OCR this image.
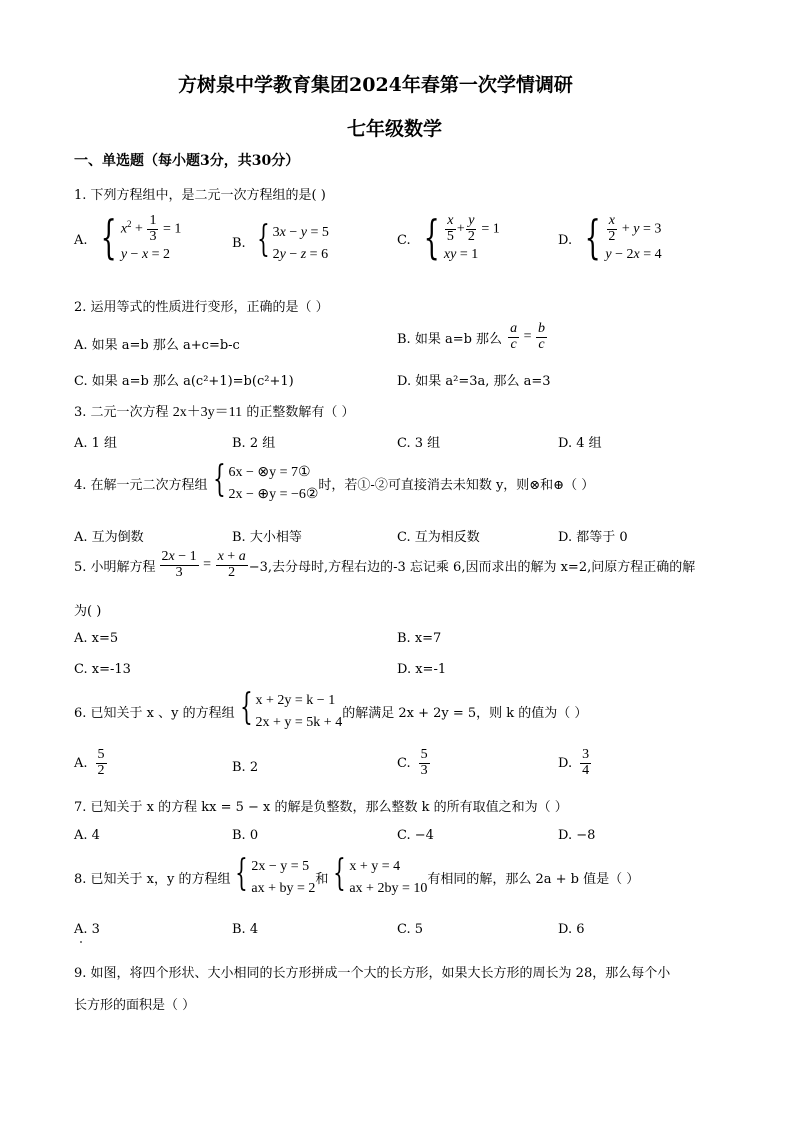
方树泉中学教育集团2024年春第一次学情调研
七年级数学
一、单选题（每小题3分，共30分）
1. 下列方程组中，是二元一次方程组的是( )
A. { $x^2 + \frac{1}{3} = 1$
y − x = 2
B. { 3x − y = 5
2y − z = 6
C. { $\frac{x}{5} + \frac{y}{2} = 1$
xy = 1
D. { $\frac{x}{2} + y = 3$
y − 2x = 4
2. 运用等式的性质进行变形，正确的是（ ）
A. 如果 a=b 那么 a+c=b-c	B. 如果 a=b 那么 $\frac{a}{c} = \frac{b}{c}$
C. 如果 a=b 那么 a(c²+1)=b(c²+1)	D. 如果 a²=3a, 那么 a=3
3. 二元一次方程 2x＋3y＝11 的正整数解有（ ）
A. 1 组	B. 2 组	C. 3 组	D. 4 组
4. 在解一元二次方程组 { 6x − ⊗y = 7①
2x − ⊕y = −6②
时，若①-②可直接消去未知数 y，则⊗和⊕（ ）
A. 互为倒数	B. 大小相等	C. 互为相反数	D. 都等于 0
5. 小明解方程 $\frac{2x - 1}{3} = \frac{x + a}{2} -3$,去分母时,方程右边的-3 忘记乘 6,因而求出的解为 x=2,问原方程正确的解
为( )
A. x=5	B. x=7
C. x=-13	D. x=-1
6. 已知关于 x 、y 的方程组 { x + 2y = k − 1
2x + y = 5k + 4
的解满足 2x + 2y = 5，则 k 的值为（ ）
A. $\frac{5}{2}$	B. 2	C. $\frac{5}{3}$	D. $\frac{3}{4}$
7. 已知关于 x 的方程 kx = 5 − x 的解是负整数，那么整数 k 的所有取值之和为（ ）
A. 4	B. 0	C. −4	D. −8
8. 已知关于 x，y 的方程组 { 2x − y = 5
ax + by = 2
和 { x + y = 4
ax + 2by = 10
有相同的解，那么 2a + b 值是（ ）
A. 3	B. 4	C. 5	D. 6
9. 如图，将四个形状、大小相同的长方形拼成一个大的长方形，如果大长方形的周长为 28，那么每个小
长方形的面积是（ ）
